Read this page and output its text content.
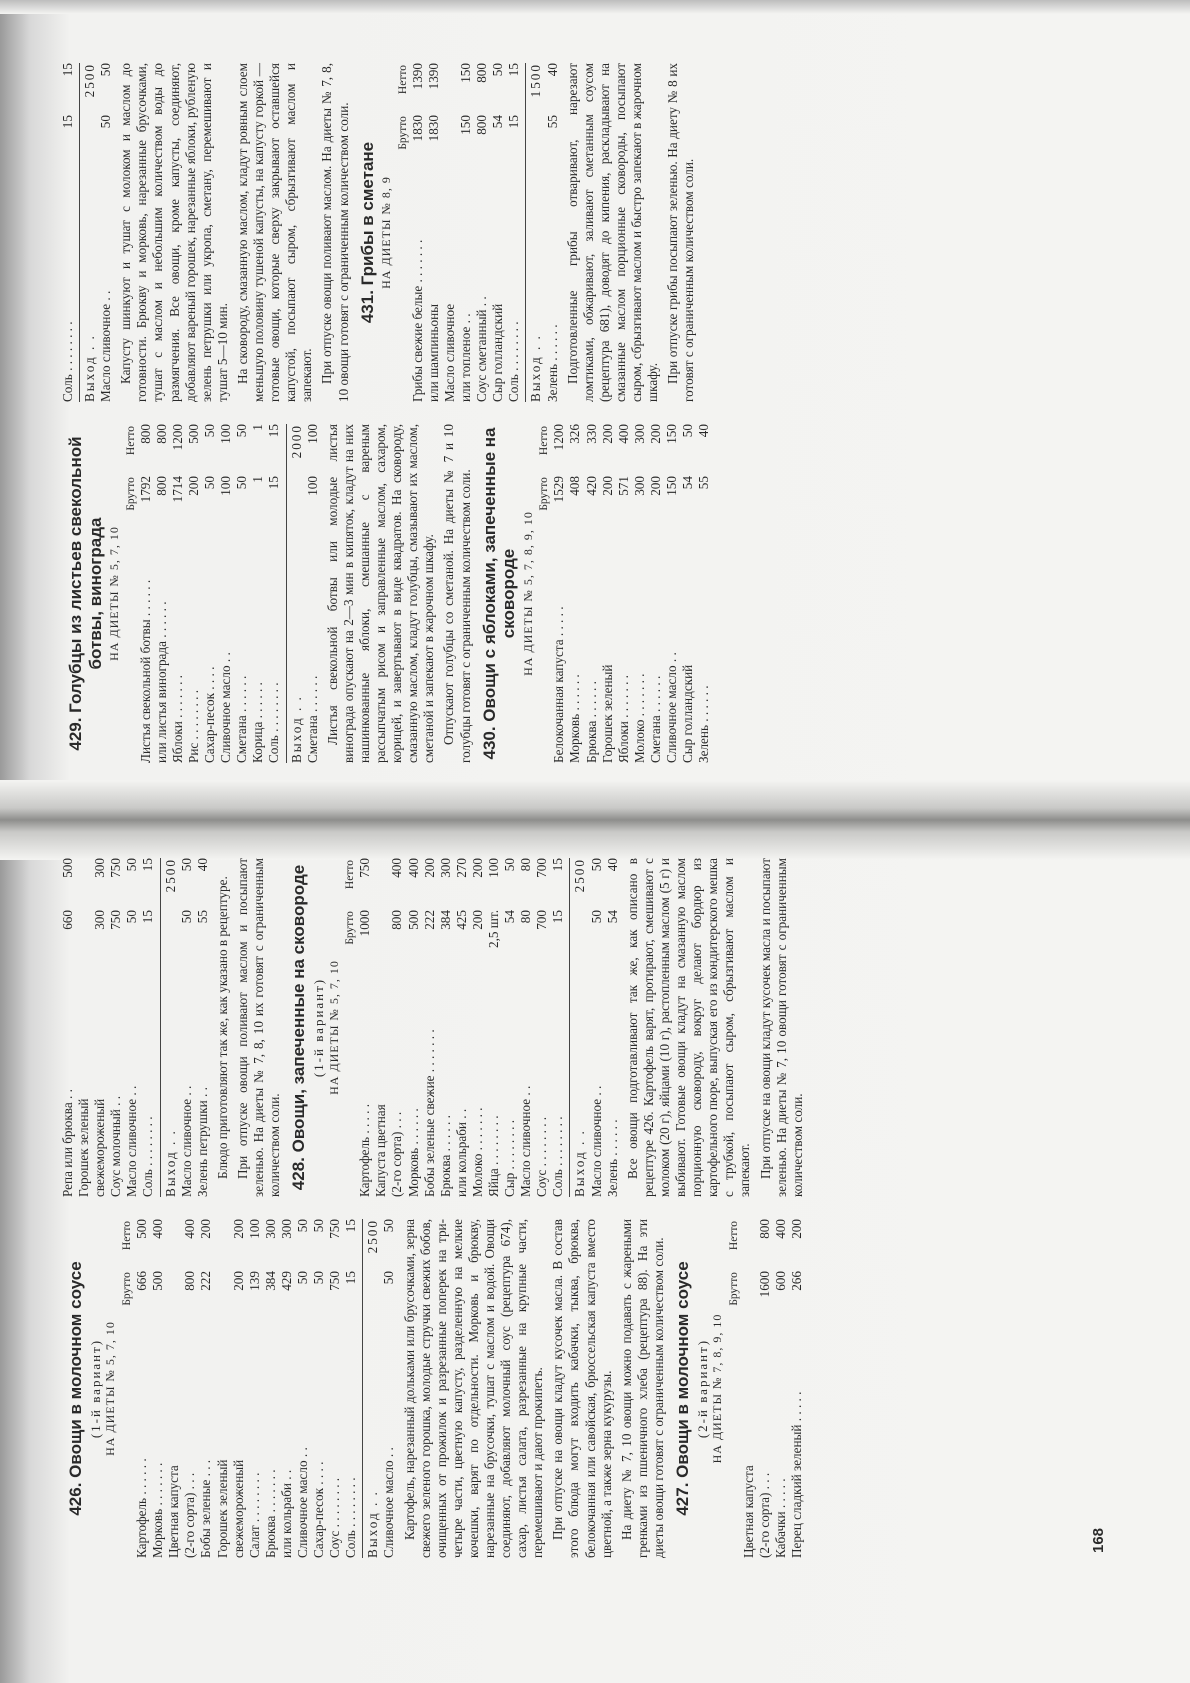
426. Овощи в молочном соусе (1-й вариант) НА ДИЕТЫ № 5, 7, 10
Брутто
Нетто
Картофель . . . . . .
666
500
Морковь . . . . . . .
500
400
Цветная капуста (2-го сорта) . . .
800
400
Бобы зеленые . . .
222
200
Горошек зеленый свежемороженый
200
200
Салат . . . . . . . .
139
100
Брюква . . . . . . .
384
300
или кольраби . .
429
300
Сливочное масло . .
50
50
Сахар-песок . . . .
50
50
Соус . . . . . . . .
750
750
Соль . . . . . . . .
15
15
Выход . .
2500
Сливочное масло . .
50
50 Картофель, нарезанный дольками или брусочками, зерна свежего зеленого горошка, молодые стручки свежих бобов, очищенных от прожилок и разрезанные поперек на три-четыре части, цветную капусту, разделенную на мелкие кочешки, варят по отдельности. Морковь и брюкву, нарезанные на брусочки, тушат с маслом и водой. Овощи соединяют, добавляют молочный соус (рецептура 674), сахар, листья салата, разрезанные на крупные части, перемешивают и дают прокипеть. При отпуске на овощи кладут кусочек масла. В состав этого блюда могут входить кабачки, тыква, брюква, белокочанная или савойская, брюссельская капуста вместо цветной, а также зерна кукурузы. На диету № 7, 10 овощи можно подавать с жареными гренками из пшеничного хлеба (рецептура 88). На эти диеты овощи готовят с ограниченным количеством соли. 427. Овощи в молочном соусе (2-й вариант) НА ДИЕТЫ № 7, 8, 9, 10
Брутто
Нетто
Цветная капуста (2-го сорта) . . .
1600
800
Кабачки . . . . .
600
400
Перец сладкий зеленый . . . . .
266
200
Репа или брюква . .
660
500
Горошек зеленый свежемороженый
300
300
Соус молочный . .
750
750
Масло сливочное . .
50
50
Соль . . . . . . . .
15
15
Выход . .
2500
Масло сливочное . .
50
50
Зелень петрушки . .
55
40

Блюдо приготовляют так же, как указано в рецептуре. При отпуске овощи поливают маслом и посыпают зеленью. На диеты № 7, 8, 10 их готовят с ограниченным количеством соли. 428. Овощи, запеченные на сковороде (1-й вариант) НА ДИЕТЫ № 5, 7, 10
Брутто
Нетто
Картофель . . . . .
1000
750
Капуста цветная (2-го сорта) . . .
800
400
Морковь . . . . . .
500
400
Бобы зеленые свежие . . . . . . .
222
200
Брюква . . . . . .
384
300
или кольраби . .
425
270
Молоко . . . . . . .
200
200
Яйца . . . . . . . .
2,5 шт.
100
Сыр . . . . . . . .
54
50
Масло сливочное . .
80
80
Соус . . . . . . . .
700
700
Соль . . . . . . . .
15
15
Выход . .
2500
Масло сливочное . .
50
50
Зелень . . . . . .
54
40 Все овощи подготавливают так же, как описано в рецептуре 426. Картофель варят, протирают, смешивают с молоком (20 г), яйцами (10 г), растопленным маслом (5 г) и выбивают. Готовые овощи кладут на смазанную маслом порционную сковороду, вокруг делают бордюр из картофельного пюре, выпуская его из кондитерского мешка с трубкой, посыпают сыром, сбрызгивают маслом и запекают. При отпуске на овощи кладут кусочек масла и посыпают зеленью. На диеты № 7, 10 овощи готовят с ограниченным количеством соли.

168
429. Голубцы из листьев свекольной ботвы, винограда НА ДИЕТЫ № 5, 7, 10
Брутто
Нетто
Листья свекольной ботвы . . . . . .
1792
800
или листья винограда . . . . . .
800
800
Яблоки . . . . . . .
1714
1200
Рис . . . . . . . .
200
500
Сахар-песок . . . .
50
50
Сливочное масло . .
100
100
Сметана . . . . . .
50
50
Корица . . . . . .
1
1
Соль . . . . . . . .
15
15
Выход . .
2000
Сметана . . . . . .
100
100 Листья свекольной ботвы или молодые листья винограда опускают на 2—3 мин в кипяток, кладут на них нашинкованные яблоки, смешанные с вареным рассыпчатым рисом и заправленные маслом, сахаром, корицей, и завертывают в виде квадратов. На сковороду, смазанную маслом, кладут голубцы, смазывают их маслом, сметаной и запекают в жарочном шкафу. Отпускают голубцы со сметаной. На диеты № 7 и 10 голубцы готовят с ограниченным количеством соли. 430. Овощи с яблоками, запеченные на сковороде НА ДИЕТЫ № 5, 7, 8, 9, 10
Брутто
Нетто
Белокочанная капуста . . . . .
1529
1200
Морковь . . . . . .
408
326
Брюква . . . . . .
420
330
Горошек зеленый
200
200
Яблоки . . . . . . .
571
400
Молоко . . . . . . .
300
300
Сметана . . . . . .
200
200
Сливочное масло . .
150
150
Сыр голландский
54
50
Зелень . . . . . .
55
40
Соль . . . . . . . .
15
15
Выход . .
2500
Масло сливочное . .
50
50 Капусту шинкуют и тушат с молоком и маслом до готовности. Брюкву и морковь, нарезанные брусочками, тушат с маслом и небольшим количеством воды до размягчения. Все овощи, кроме капусты, соединяют, добавляют вареный горошек, нарезанные яблоки, рубленую зелень петрушки или укропа, сметану, перемешивают и тушат 5—10 мин. На сковороду, смазанную маслом, кладут ровным слоем меньшую половину тушеной капусты, на капусту горкой — готовые овощи, которые сверху закрывают оставшейся капустой, посыпают сыром, сбрызгивают маслом и запекают. При отпуске овощи поливают маслом. На диеты № 7, 8, 10 овощи готовят с ограниченным количеством соли. 431. Грибы в сметане НА ДИЕТЫ № 8, 9
Брутто
Нетто
Грибы свежие белые . . . . . . .
1830
1390
или шампиньоны
1830
1390
Масло сливочное или топленое . .
150
150
Соус сметанный . .
800
800
Сыр голландский
54
50
Соль . . . . . . . .
15
15
Выход . .
1500
Зелень . . . . . .
55
40 Подготовленные грибы отваривают, нарезают ломтиками, обжаривают, заливают сметанным соусом (рецептура 681), доводят до кипения, раскладывают на смазанные маслом порционные сковороды, посыпают сыром, сбрызгивают маслом и быстро запекают в жарочном шкафу. При отпуске грибы посыпают зеленью. На диету № 8 их готовят с ограниченным количеством соли.
